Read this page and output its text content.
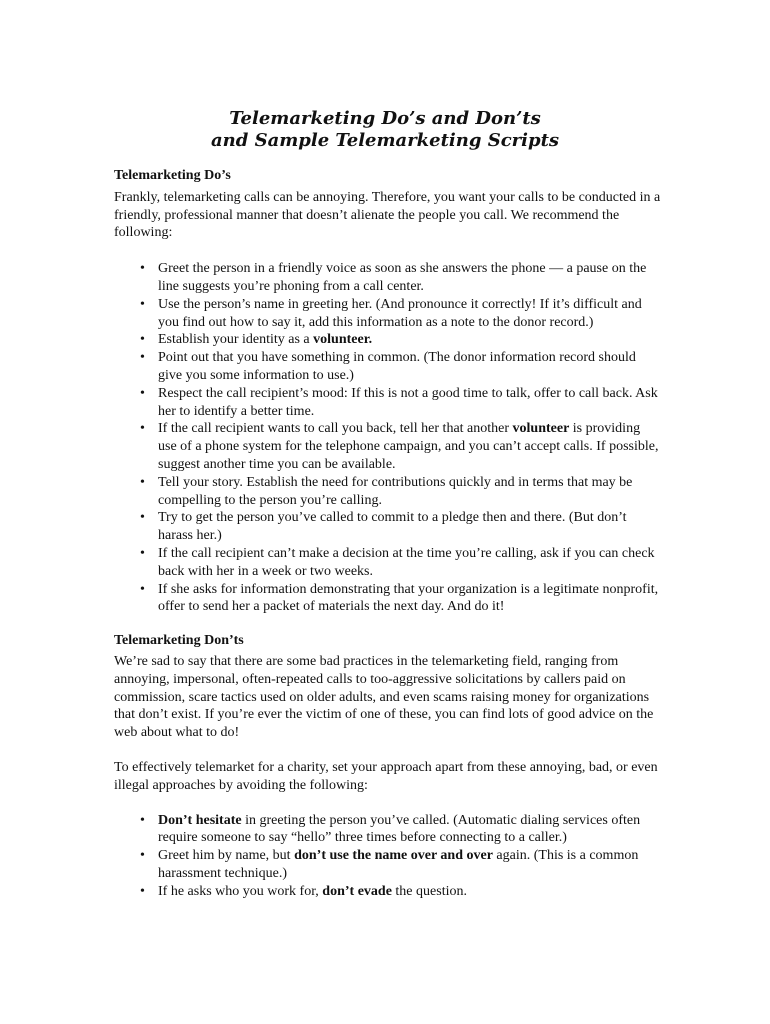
Telemarketing Do’s and Don’ts
and Sample Telemarketing Scripts
Telemarketing Do’s

Frankly, telemarketing calls can be annoying. Therefore, you want your calls to be conducted in a friendly, professional manner that doesn’t alienate the people you call. We recommend the following:

• Greet the person in a friendly voice as soon as she answers the phone — a pause on the line suggests you’re phoning from a call center.
• Use the person’s name in greeting her. (And pronounce it correctly! If it’s difficult and you find out how to say it, add this information as a note to the donor record.)
• Establish your identity as a volunteer.
• Point out that you have something in common. (The donor information record should give you some information to use.)
• Respect the call recipient’s mood: If this is not a good time to talk, offer to call back. Ask her to identify a better time.
• If the call recipient wants to call you back, tell her that another volunteer is providing use of a phone system for the telephone campaign, and you can’t accept calls. If possible, suggest another time you can be available.
• Tell your story. Establish the need for contributions quickly and in terms that may be compelling to the person you’re calling.
• Try to get the person you’ve called to commit to a pledge then and there. (But don’t harass her.)
• If the call recipient can’t make a decision at the time you’re calling, ask if you can check back with her in a week or two weeks.
• If she asks for information demonstrating that your organization is a legitimate nonprofit, offer to send her a packet of materials the next day. And do it!
Telemarketing Don’ts

We’re sad to say that there are some bad practices in the telemarketing field, ranging from annoying, impersonal, often-repeated calls to too-aggressive solicitations by callers paid on commission, scare tactics used on older adults, and even scams raising money for organizations that don’t exist. If you’re ever the victim of one of these, you can find lots of good advice on the web about what to do!

To effectively telemarket for a charity, set your approach apart from these annoying, bad, or even illegal approaches by avoiding the following:

• Don’t hesitate in greeting the person you’ve called. (Automatic dialing services often require someone to say “hello” three times before connecting to a caller.)
• Greet him by name, but don’t use the name over and over again. (This is a common harassment technique.)
• If he asks who you work for, don’t evade the question.
